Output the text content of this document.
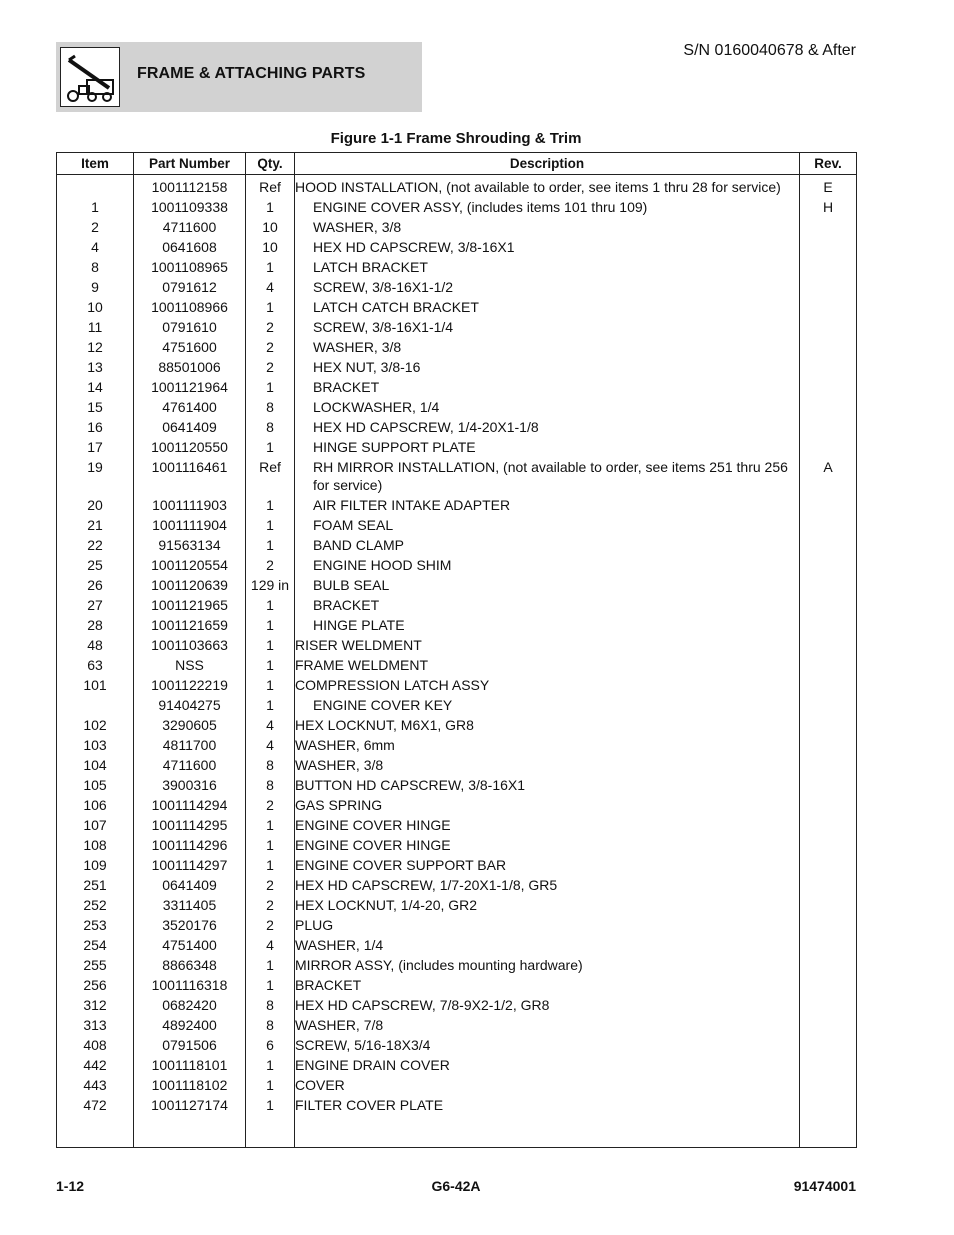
FRAME & ATTACHING PARTS
S/N 0160040678 & After
Figure 1-1 Frame Shrouding & Trim
Item	Part Number	Qty.	Description	Rev.
	1001112158	Ref	HOOD INSTALLATION, (not available to order, see items 1 thru 28 for service)	E
1	1001109338	1	ENGINE COVER ASSY, (includes items 101 thru 109)	H
2	4711600	10	WASHER, 3/8	
4	0641608	10	HEX HD CAPSCREW, 3/8-16X1	
8	1001108965	1	LATCH BRACKET	
9	0791612	4	SCREW, 3/8-16X1-1/2	
10	1001108966	1	LATCH CATCH BRACKET	
11	0791610	2	SCREW, 3/8-16X1-1/4	
12	4751600	2	WASHER, 3/8	
13	88501006	2	HEX NUT, 3/8-16	
14	1001121964	1	BRACKET	
15	4761400	8	LOCKWASHER, 1/4	
16	0641409	8	HEX HD CAPSCREW, 1/4-20X1-1/8	
17	1001120550	1	HINGE SUPPORT PLATE	
19	1001116461	Ref	RH MIRROR INSTALLATION, (not available to order, see items 251 thru 256 for service)	A
20	1001111903	1	AIR FILTER INTAKE ADAPTER	
21	1001111904	1	FOAM SEAL	
22	91563134	1	BAND CLAMP	
25	1001120554	2	ENGINE HOOD SHIM	
26	1001120639	129 in	BULB SEAL	
27	1001121965	1	BRACKET	
28	1001121659	1	HINGE PLATE	
48	1001103663	1	RISER WELDMENT	
63	NSS	1	FRAME WELDMENT	
101	1001122219	1	COMPRESSION LATCH ASSY	
	91404275	1	ENGINE COVER KEY	
102	3290605	4	HEX LOCKNUT, M6X1, GR8	
103	4811700	4	WASHER, 6mm	
104	4711600	8	WASHER, 3/8	
105	3900316	8	BUTTON HD CAPSCREW, 3/8-16X1	
106	1001114294	2	GAS SPRING	
107	1001114295	1	ENGINE COVER HINGE	
108	1001114296	1	ENGINE COVER HINGE	
109	1001114297	1	ENGINE COVER SUPPORT BAR	
251	0641409	2	HEX HD CAPSCREW, 1/7-20X1-1/8, GR5	
252	3311405	2	HEX LOCKNUT, 1/4-20, GR2	
253	3520176	2	PLUG	
254	4751400	4	WASHER, 1/4	
255	8866348	1	MIRROR ASSY, (includes mounting hardware)	
256	1001116318	1	BRACKET	
312	0682420	8	HEX HD CAPSCREW, 7/8-9X2-1/2, GR8	
313	4892400	8	WASHER, 7/8	
408	0791506	6	SCREW, 5/16-18X3/4	
442	1001118101	1	ENGINE DRAIN COVER	
443	1001118102	1	COVER	
472	1001127174	1	FILTER COVER PLATE	

1-12	G6-42A	91474001
